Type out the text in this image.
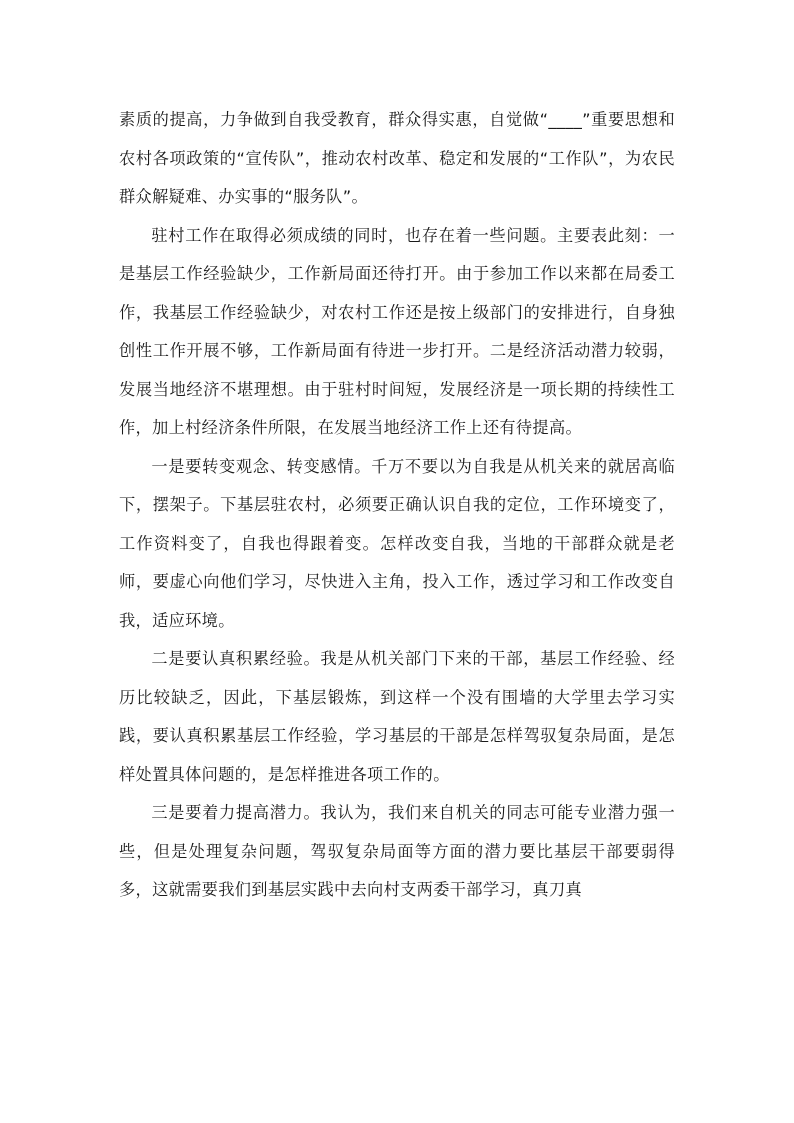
素质的提高，力争做到自我受教育，群众得实惠，自觉做“____”重要思想和农村各项政策的“宣传队”，推动农村改革、稳定和发展的“工作队”，为农民群众解疑难、办实事的“服务队”。

驻村工作在取得必须成绩的同时，也存在着一些问题。主要表此刻：一是基层工作经验缺少，工作新局面还待打开。由于参加工作以来都在局委工作，我基层工作经验缺少，对农村工作还是按上级部门的安排进行，自身独创性工作开展不够，工作新局面有待进一步打开。二是经济活动潜力较弱，发展当地经济不堪理想。由于驻村时间短，发展经济是一项长期的持续性工作，加上村经济条件所限，在发展当地经济工作上还有待提高。

一是要转变观念、转变感情。千万不要以为自我是从机关来的就居高临下，摆架子。下基层驻农村，必须要正确认识自我的定位，工作环境变了，工作资料变了，自我也得跟着变。怎样改变自我，当地的干部群众就是老师，要虚心向他们学习，尽快进入主角，投入工作，透过学习和工作改变自我，适应环境。

二是要认真积累经验。我是从机关部门下来的干部，基层工作经验、经历比较缺乏，因此，下基层锻炼，到这样一个没有围墙的大学里去学习实践，要认真积累基层工作经验，学习基层的干部是怎样驾驭复杂局面，是怎样处置具体问题的，是怎样推进各项工作的。

三是要着力提高潜力。我认为，我们来自机关的同志可能专业潜力强一些，但是处理复杂问题，驾驭复杂局面等方面的潜力要比基层干部要弱得多，这就需要我们到基层实践中去向村支两委干部学习，真刀真
